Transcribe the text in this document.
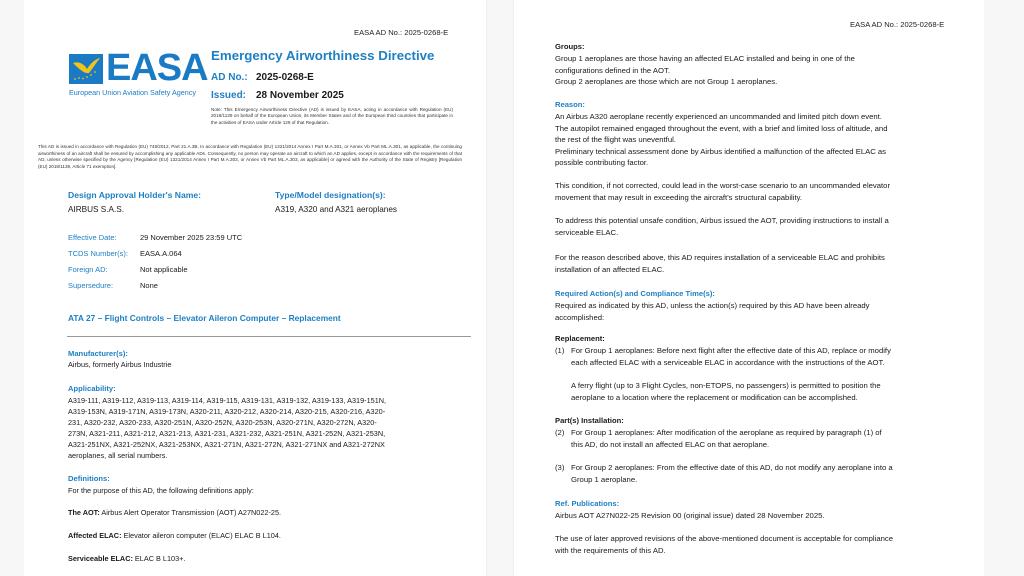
EASA AD No.: 2025-0268-E
EASA
European Union Aviation Safety Agency
Emergency Airworthiness Directive
AD No.: 2025-0268-E
Issued: 28 November 2025
Note: This Emergency Airworthiness Directive (AD) is issued by EASA, acting in accordance with Regulation (EU) 2018/1139 on behalf of the European Union, its Member States and of the European third countries that participate in the activities of EASA under Article 129 of that Regulation.
This AD is issued in accordance with Regulation (EU) 748/2012, Part 21.A.3B. In accordance with Regulation (EU) 1321/2014 Annex I Part M.A.301, or Annex Vb Part ML.A.301, as applicable, the continuing airworthiness of an aircraft shall be ensured by accomplishing any applicable ADs. Consequently, no person may operate an aircraft to which an AD applies, except in accordance with the requirements of that AD, unless otherwise specified by the Agency [Regulation (EU) 1321/2014 Annex I Part M.A.303, or Annex Vb Part ML.A.303, as applicable] or agreed with the Authority of the State of Registry [Regulation (EU) 2018/1139, Article 71 exemption].
Design Approval Holder's Name:
AIRBUS S.A.S.
Type/Model designation(s):
A319, A320 and A321 aeroplanes
Effective Date:	29 November 2025 23:59 UTC
TCDS Number(s): EASA.A.064
Foreign AD:	Not applicable
Supersedure:	None
ATA 27 – Flight Controls – Elevator Aileron Computer – Replacement
Manufacturer(s):
Airbus, formerly Airbus Industrie
Applicability:
A319-111, A319-112, A319-113, A319-114, A319-115, A319-131, A319-132, A319-133, A319-151N,
A319-153N, A319-171N, A319-173N, A320-211, A320-212, A320-214, A320-215, A320-216, A320-
231, A320-232, A320-233, A320-251N, A320-252N, A320-253N, A320-271N, A320-272N, A320-
273N, A321-211, A321-212, A321-213, A321-231, A321-232, A321-251N, A321-252N, A321-253N,
A321-251NX, A321-252NX, A321-253NX, A321-271N, A321-272N, A321-271NX and A321-272NX
aeroplanes, all serial numbers.
Definitions:
For the purpose of this AD, the following definitions apply:
The AOT: Airbus Alert Operator Transmission (AOT) A27N022-25.
Affected ELAC: Elevator aileron computer (ELAC) ELAC B L104.
Serviceable ELAC: ELAC B L103+.
EASA AD No.: 2025-0268-E
Groups:
Group 1 aeroplanes are those having an affected ELAC installed and being in one of the
configurations defined in the AOT.
Group 2 aeroplanes are those which are not Group 1 aeroplanes.
Reason:
An Airbus A320 aeroplane recently experienced an uncommanded and limited pitch down event.
The autopilot remained engaged throughout the event, with a brief and limited loss of altitude, and
the rest of the flight was uneventful.
Preliminary technical assessment done by Airbus identified a malfunction of the affected ELAC as
possible contributing factor.
This condition, if not corrected, could lead in the worst-case scenario to an uncommanded elevator
movement that may result in exceeding the aircraft's structural capability.
To address this potential unsafe condition, Airbus issued the AOT, providing instructions to install a
serviceable ELAC.
For the reason described above, this AD requires installation of a serviceable ELAC and prohibits
installation of an affected ELAC.
Required Action(s) and Compliance Time(s):
Required as indicated by this AD, unless the action(s) required by this AD have been already
accomplished:
Replacement:
(1) For Group 1 aeroplanes: Before next flight after the effective date of this AD, replace or modify
each affected ELAC with a serviceable ELAC in accordance with the instructions of the AOT.
A ferry flight (up to 3 Flight Cycles, non-ETOPS, no passengers) is permitted to position the
aeroplane to a location where the replacement or modification can be accomplished.
Part(s) Installation:
(2) For Group 1 aeroplanes: After modification of the aeroplane as required by paragraph (1) of
this AD, do not install an affected ELAC on that aeroplane.
(3) For Group 2 aeroplanes: From the effective date of this AD, do not modify any aeroplane into a
Group 1 aeroplane.
Ref. Publications:
Airbus AOT A27N022-25 Revision 00 (original issue) dated 28 November 2025.
The use of later approved revisions of the above-mentioned document is acceptable for compliance
with the requirements of this AD.
